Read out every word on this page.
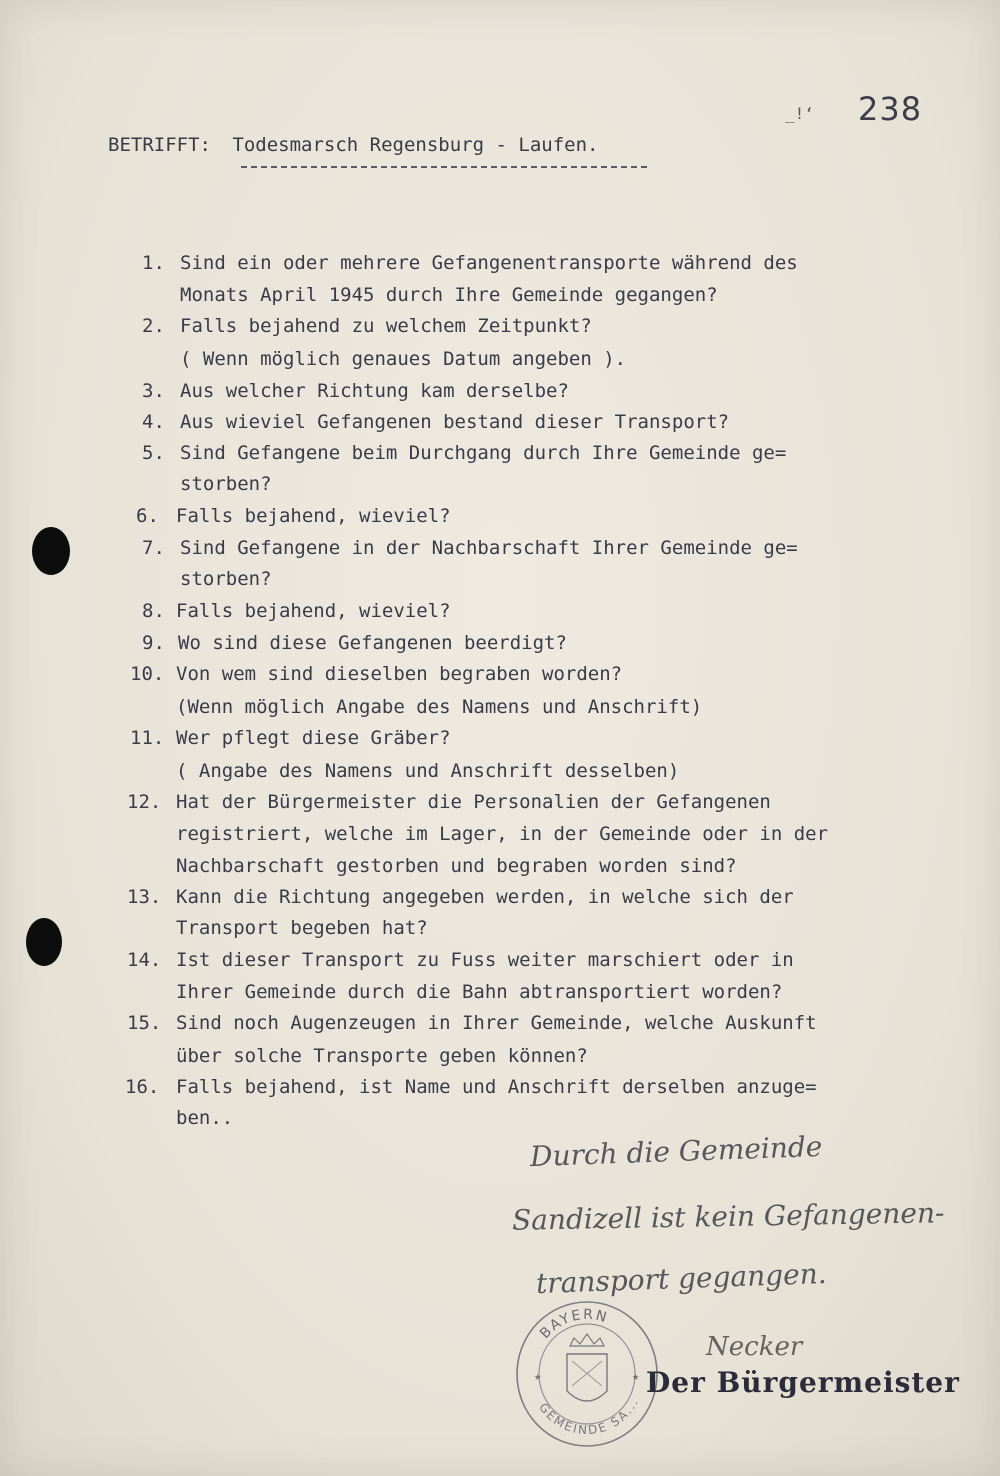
_!‘ 238
BETRIFFT: Todesmarsch Regensburg - Laufen.
1. Sind ein oder mehrere Gefangenentransporte während des
Monats April 1945 durch Ihre Gemeinde gegangen?
2. Falls bejahend zu welchem Zeitpunkt?
( Wenn möglich genaues Datum angeben ).
3. Aus welcher Richtung kam derselbe?
4. Aus wieviel Gefangenen bestand dieser Transport?
5. Sind Gefangene beim Durchgang durch Ihre Gemeinde ge=
storben?
6. Falls bejahend, wieviel?
7. Sind Gefangene in der Nachbarschaft Ihrer Gemeinde ge=
storben?
8. Falls bejahend, wieviel?
9. Wo sind diese Gefangenen beerdigt?
10. Von wem sind dieselben begraben worden?
(Wenn möglich Angabe des Namens und Anschrift)
11. Wer pflegt diese Gräber?
( Angabe des Namens und Anschrift desselben)
12. Hat der Bürgermeister die Personalien der Gefangenen
registriert, welche im Lager, in der Gemeinde oder in der
Nachbarschaft gestorben und begraben worden sind?
13. Kann die Richtung angegeben werden, in welche sich der
Transport begeben hat?
14. Ist dieser Transport zu Fuss weiter marschiert oder in
Ihrer Gemeinde durch die Bahn abtransportiert worden?
15. Sind noch Augenzeugen in Ihrer Gemeinde, welche Auskunft
über solche Transporte geben können?
16. Falls bejahend, ist Name und Anschrift derselben anzuge=
ben..
Durch die Gemeinde
Sandizell ist kein Gefangenen-
transport gegangen.
BAYERN
GEMEINDE SA...
★	★
Necker
Der Bürgermeister
